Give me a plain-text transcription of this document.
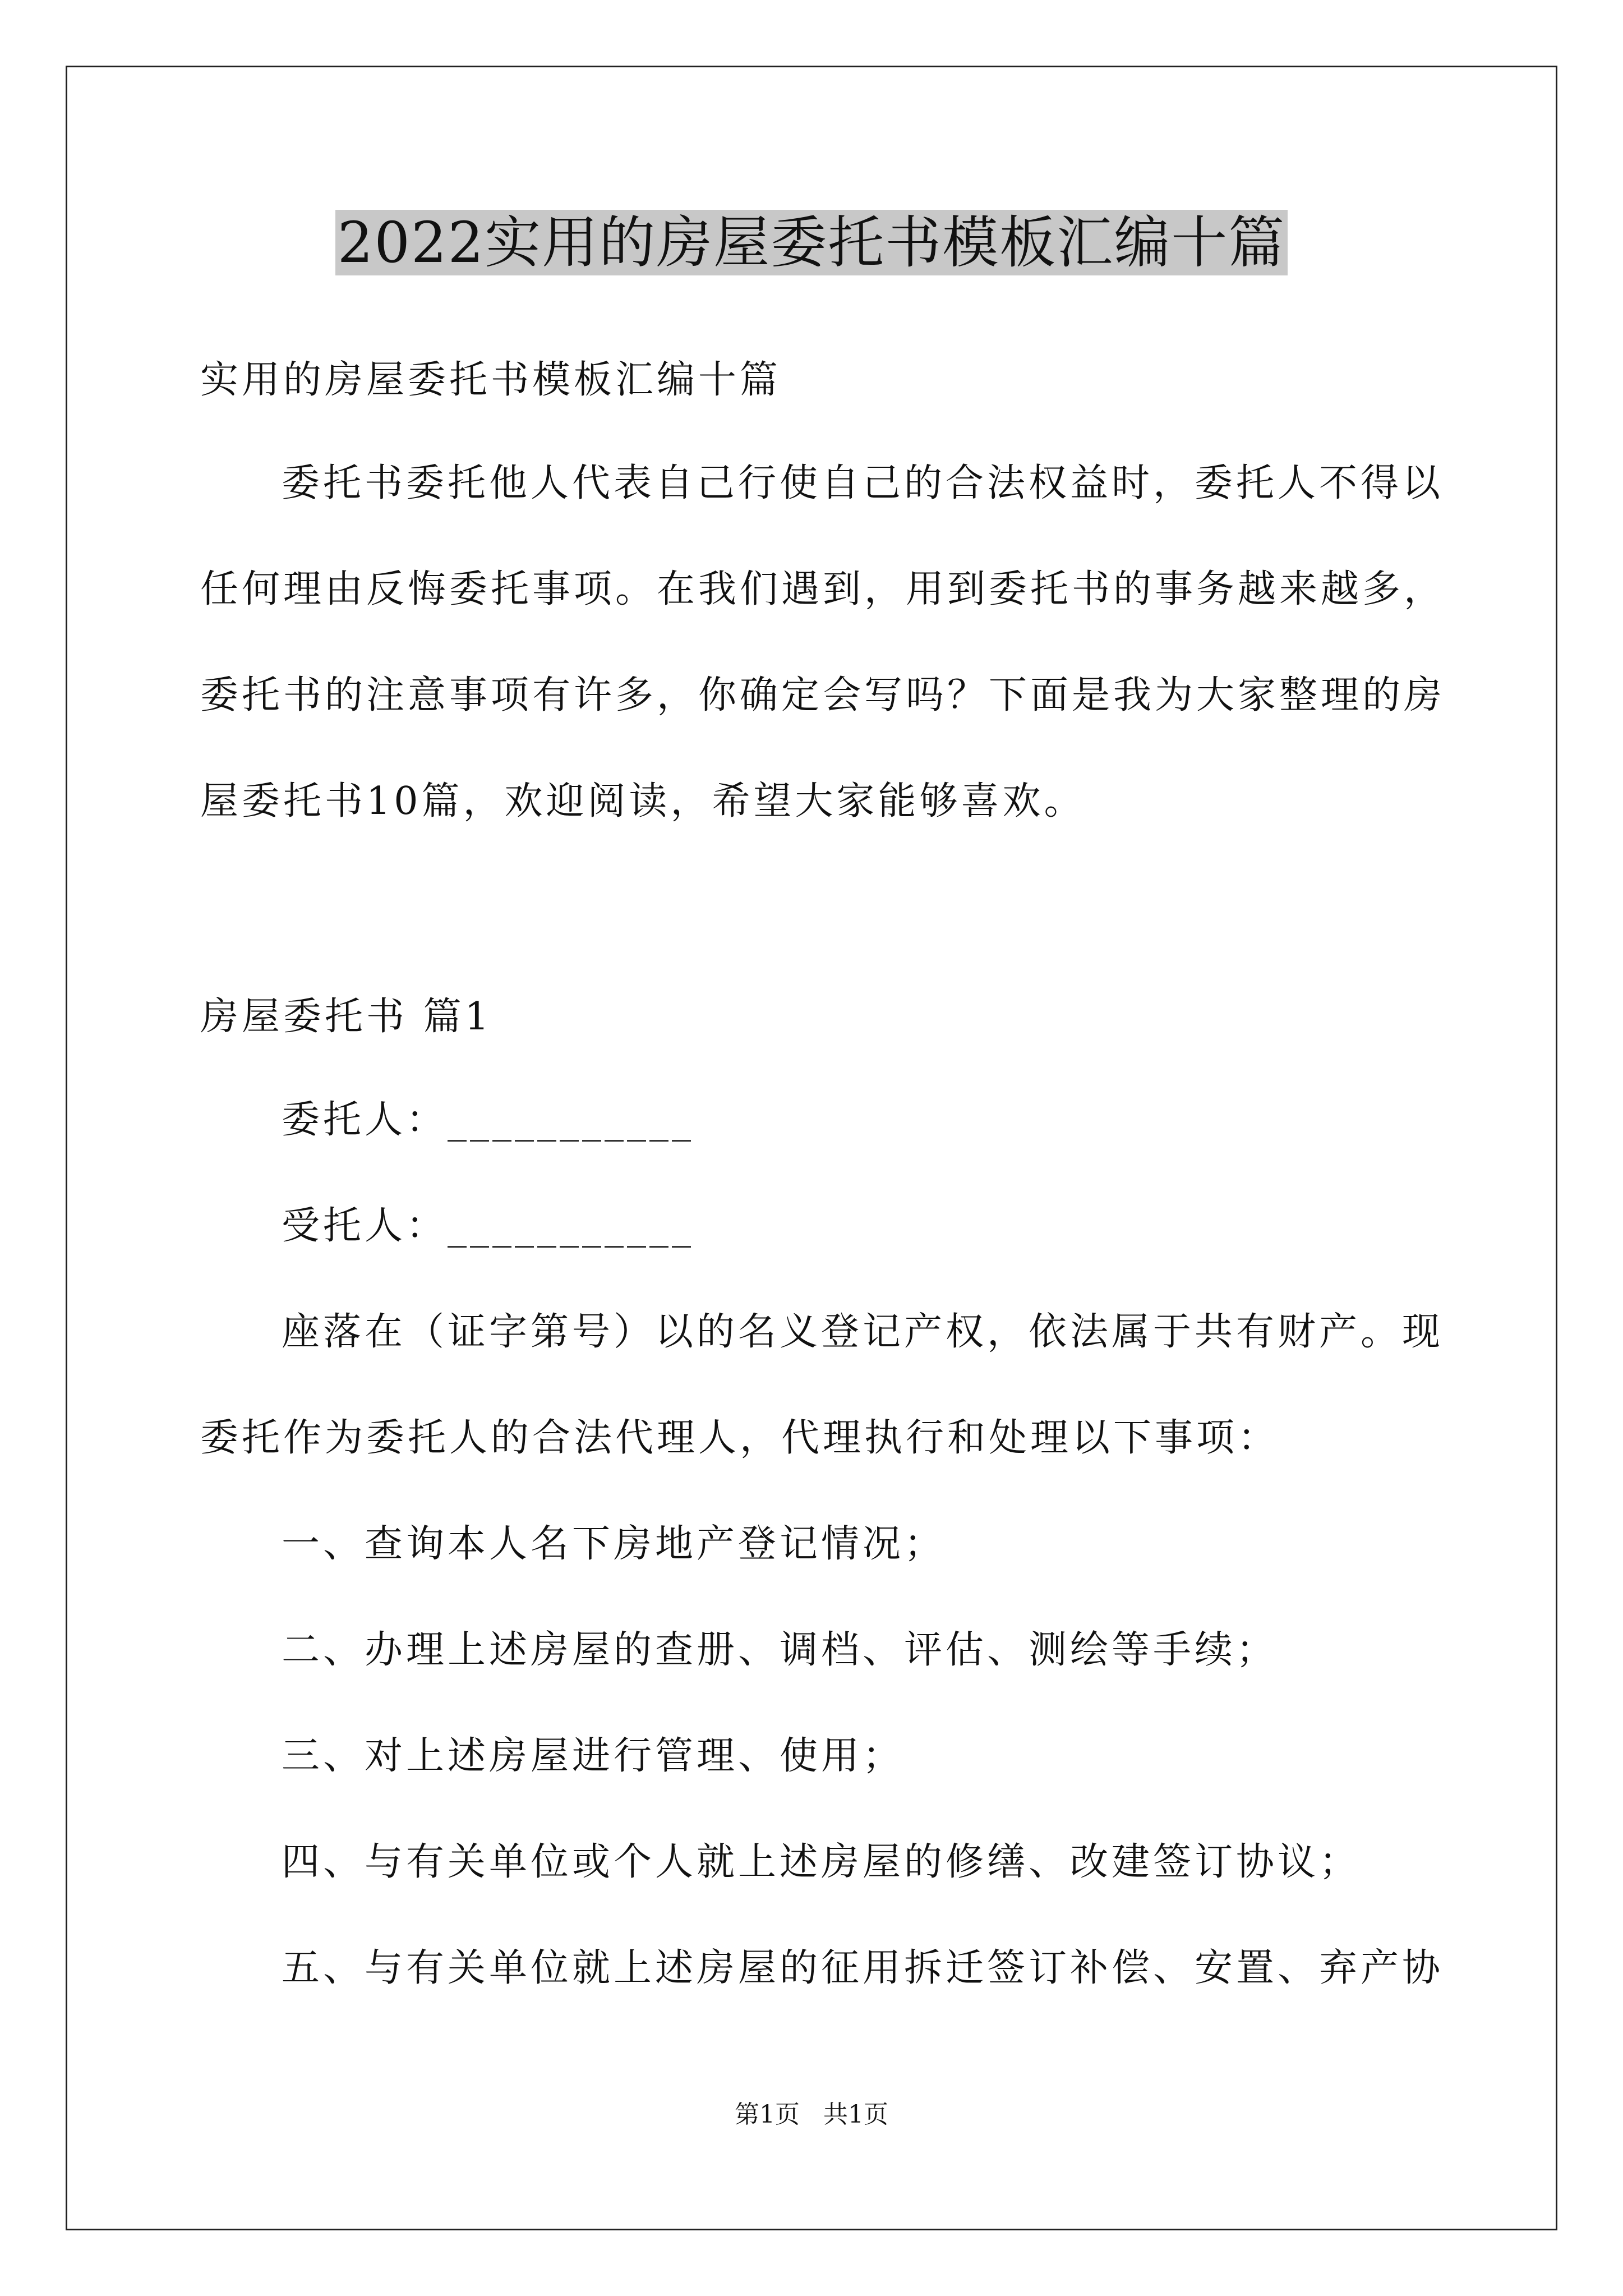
2022实用的房屋委托书模板汇编十篇
实用的房屋委托书模板汇编十篇
委托书委托他人代表自己行使自己的合法权益时，委托人不得以
任何理由反悔委托事项。在我们遇到，用到委托书的事务越来越多，
委托书的注意事项有许多，你确定会写吗？下面是我为大家整理的房
屋委托书10篇，欢迎阅读，希望大家能够喜欢。
房屋委托书 篇1
委托人：___________
受托人：___________
座落在（证字第号）以的名义登记产权，依法属于共有财产。现
委托作为委托人的合法代理人，代理执行和处理以下事项：
一、查询本人名下房地产登记情况；
二、办理上述房屋的查册、调档、评估、测绘等手续；
三、对上述房屋进行管理、使用；
四、与有关单位或个人就上述房屋的修缮、改建签订协议；
五、与有关单位就上述房屋的征用拆迁签订补偿、安置、弃产协
第1页   共1页
